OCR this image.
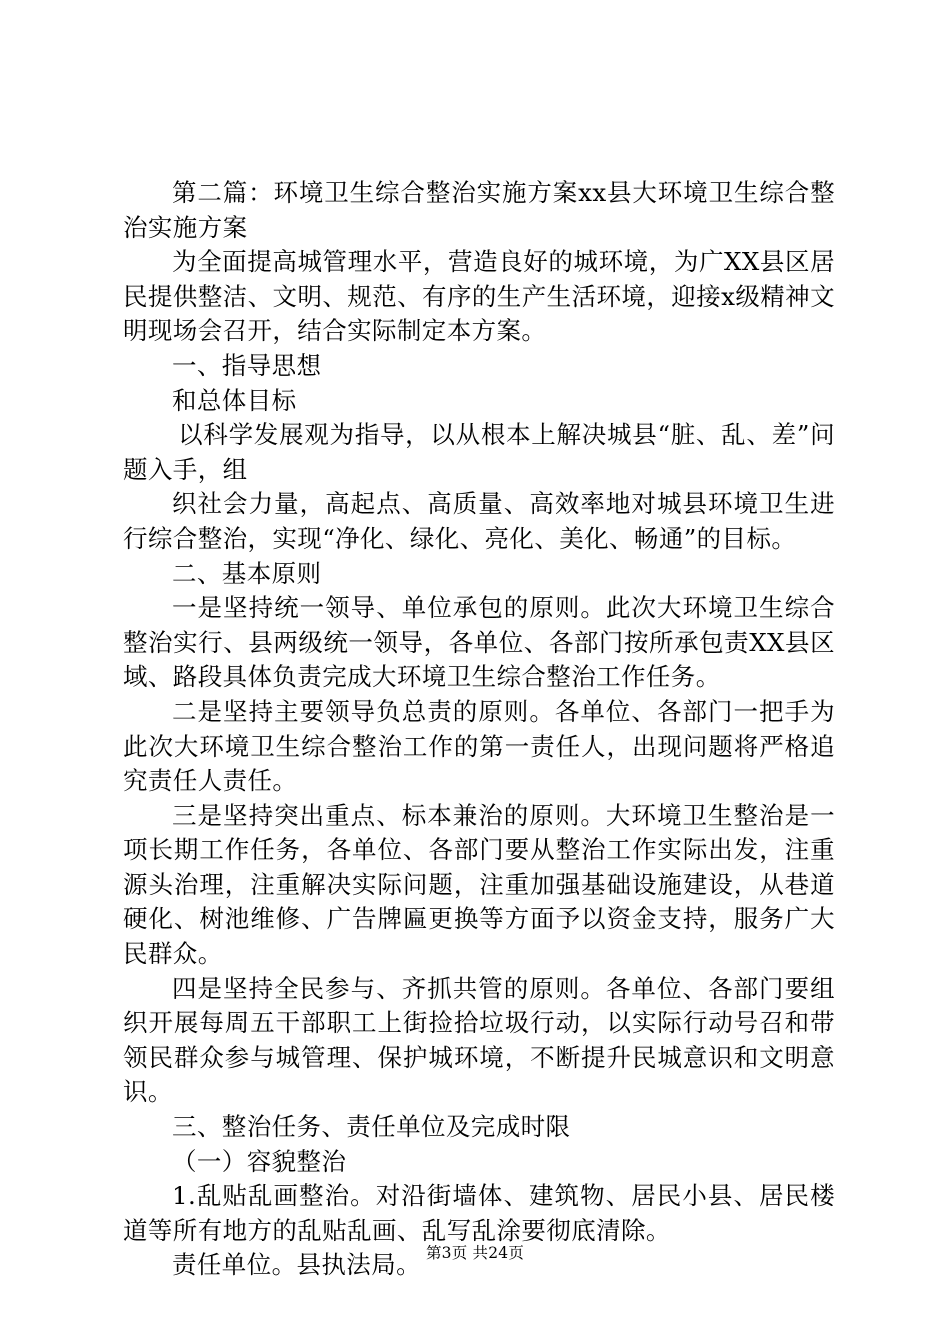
第二篇：环境卫生综合整治实施方案xx县大环境卫生综合整治实施方案

为全面提高城管理水平，营造良好的城环境，为广XX县区居民提供整洁、文明、规范、有序的生产生活环境，迎接x级精神文明现场会召开，结合实际制定本方案。

一、指导思想

和总体目标

以科学发展观为指导，以从根本上解决城县“脏、乱、差”问题入手，组

织社会力量，高起点、高质量、高效率地对城县环境卫生进行综合整治，实现“净化、绿化、亮化、美化、畅通”的目标。

二、基本原则

一是坚持统一领导、单位承包的原则。此次大环境卫生综合整治实行、县两级统一领导，各单位、各部门按所承包责XX县区域、路段具体负责完成大环境卫生综合整治工作任务。

二是坚持主要领导负总责的原则。各单位、各部门一把手为此次大环境卫生综合整治工作的第一责任人，出现问题将严格追究责任人责任。

三是坚持突出重点、标本兼治的原则。大环境卫生整治是一项长期工作任务，各单位、各部门要从整治工作实际出发，注重源头治理，注重解决实际问题，注重加强基础设施建设，从巷道硬化、树池维修、广告牌匾更换等方面予以资金支持，服务广大民群众。

四是坚持全民参与、齐抓共管的原则。各单位、各部门要组织开展每周五干部职工上街捡拾垃圾行动，以实际行动号召和带领民群众参与城管理、保护城环境，不断提升民城意识和文明意识。

三、整治任务、责任单位及完成时限

（一）容貌整治

1.乱贴乱画整治。对沿街墙体、建筑物、居民小县、居民楼道等所有地方的乱贴乱画、乱写乱涂要彻底清除。

责任单位。县执法局。 第3页 共24页
